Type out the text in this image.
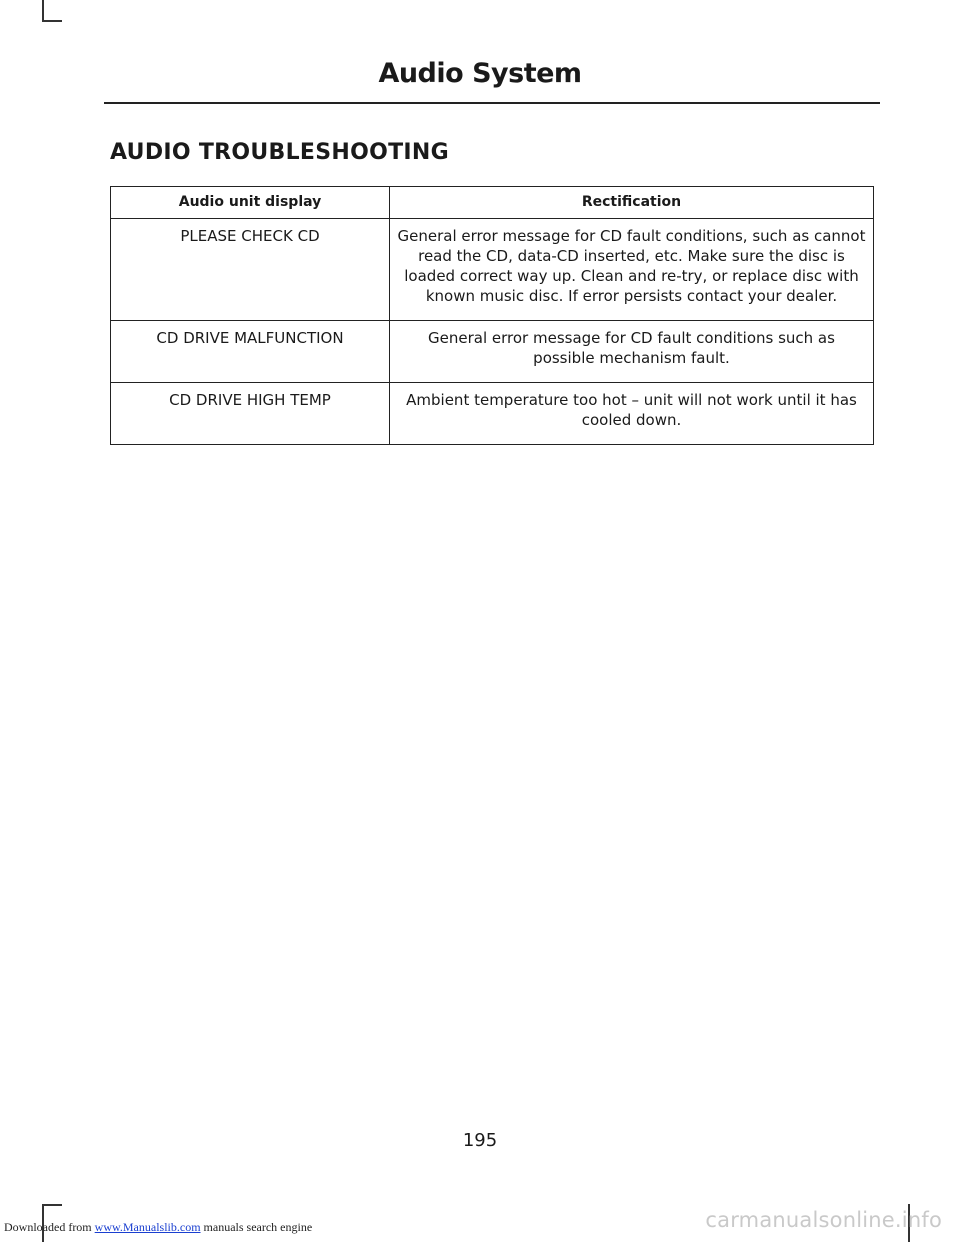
Audio System
AUDIO TROUBLESHOOTING
Audio unit display	Rectification
PLEASE CHECK CD	General error message for CD fault conditions, such as cannot read the CD, data-CD inserted, etc. Make sure the disc is loaded correct way up. Clean and re-try, or replace disc with known music disc. If error persists contact your dealer.
CD DRIVE MALFUNCTION	General error message for CD fault conditions such as possible mechanism fault.
CD DRIVE HIGH TEMP	Ambient temperature too hot – unit will not work until it has cooled down.
195
Downloaded from www.Manualslib.com manuals search engine	carmanualsonline.info
